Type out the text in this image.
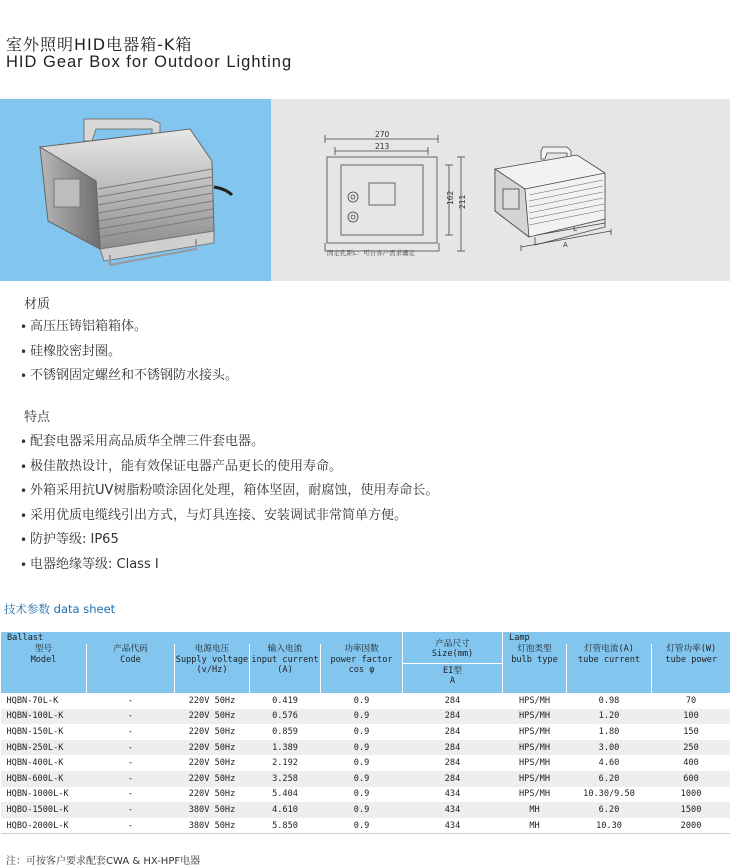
室外照明HID电器箱-K箱
HID Gear Box for Outdoor Lighting
270
213
162 211
固定孔距L：可自客户需求确定
L
A
材质
• 高压压铸铝箱箱体。
• 硅橡胶密封圈。
• 不锈钢固定螺丝和不锈钢防水接头。
特点
• 配套电器采用高品质华全牌三件套电器。
• 极佳散热设计，能有效保证电器产品更长的使用寿命。
• 外箱采用抗UV树脂粉喷涂固化处理，箱体坚固，耐腐蚀，使用寿命长。
• 采用优质电缆线引出方式，与灯具连接、安装调试非常简单方便。
• 防护等级: IP65
• 电器绝缘等级: Class I
技术参数 data sheet
Ballast					产品尺寸
Size(mm)
EI型
A	Lamp		

型号
Model	产品代码
Code	电源电压
Supply voltage
(v/Hz)	输入电流
input current
(A)	功率因数
power factor
cos φ		灯泡类型
bulb type	灯管电流(A)
tube current	灯管功率(W)
tube power

HQBN-70L-K	-	220V 50Hz	0.419	0.9	284	HPS/MH	0.98	70
HQBN-100L-K	-	220V 50Hz	0.576	0.9	284	HPS/MH	1.20	100
HQBN-150L-K	-	220V 50Hz	0.859	0.9	284	HPS/MH	1.80	150
HQBN-250L-K	-	220V 50Hz	1.389	0.9	284	HPS/MH	3.00	250
HQBN-400L-K	-	220V 50Hz	2.192	0.9	284	HPS/MH	4.60	400
HQBN-600L-K	-	220V 50Hz	3.258	0.9	284	HPS/MH	6.20	600
HQBN-1000L-K	-	220V 50Hz	5.404	0.9	434	HPS/MH	10.30/9.50	1000
HQBO-1500L-K	-	380V 50Hz	4.610	0.9	434	MH	6.20	1500
HQBO-2000L-K	-	380V 50Hz	5.850	0.9	434	MH	10.30	2000
注：可按客户要求配套CWA & HX-HPF电器
